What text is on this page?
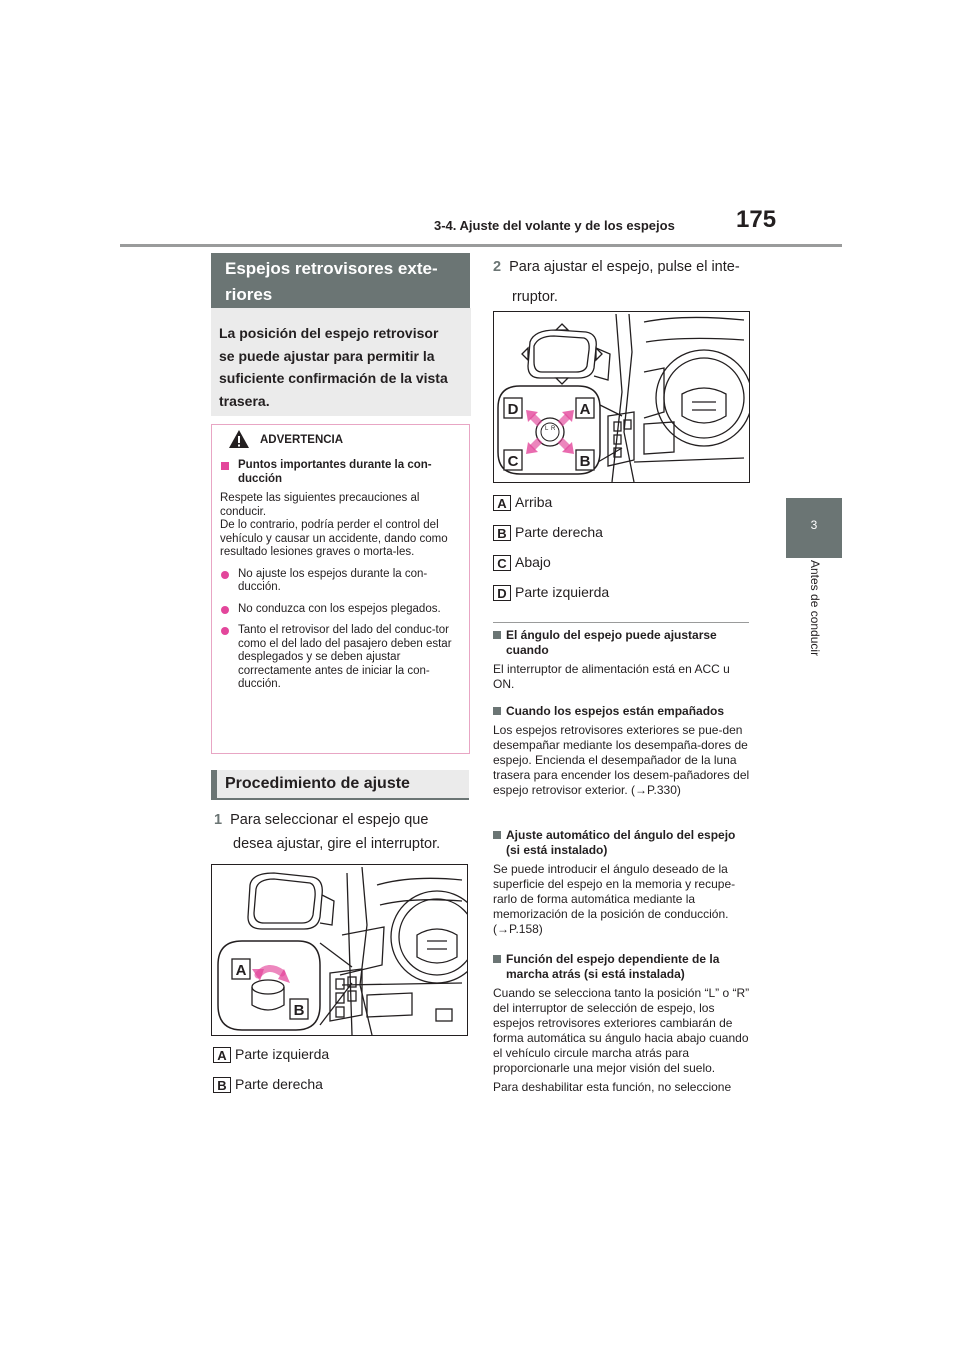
3-4. Ajuste del volante y de los espejos	175
3
Antes de conducir
Espejos retrovisores exte-
riores
La posición del espejo retrovisor
se puede ajustar para permitir la
suficiente confirmación de la vista
trasera.
ADVERTENCIA
Puntos importantes durante la con-
ducción
Respete las siguientes precauciones al conducir.
De lo contrario, podría perder el control del vehículo y causar un accidente, dando como resultado lesiones graves o morta-les.
No ajuste los espejos durante la con-ducción.
No conduzca con los espejos plegados.
Tanto el retrovisor del lado del conduc-tor como el del lado del pasajero deben estar desplegados y se deben ajustar correctamente antes de iniciar la con-ducción.
Procedimiento de ajuste
1 Para seleccionar el espejo que
desea ajustar, gire el interruptor.
A
B
A Parte izquierda
B Parte derecha
2 Para ajustar el espejo, pulse el inte-
rruptor.
L R
D	A
C	B
A Arriba
B Parte derecha
C Abajo
D Parte izquierda
El ángulo del espejo puede ajustarse cuando
El interruptor de alimentación está en ACC u ON.
Cuando los espejos están empañados
Los espejos retrovisores exteriores se pue-den desempañar mediante los desempaña-dores de espejo. Encienda el desempañador de la luna trasera para encender los desem-pañadores del espejo retrovisor exterior. (→P.330)
Ajuste automático del ángulo del espejo (si está instalado)
Se puede introducir el ángulo deseado de la superficie del espejo en la memoria y recupe-rarlo de forma automática mediante la memorización de la posición de conducción. (→P.158)
Función del espejo dependiente de la marcha atrás (si está instalada)
Cuando se selecciona tanto la posición “L” o “R” del interruptor de selección de espejo, los espejos retrovisores exteriores cambiarán de forma automática su ángulo hacia abajo cuando el vehículo circule marcha atrás para proporcionarle una mejor visión del suelo.
Para deshabilitar esta función, no seleccione
